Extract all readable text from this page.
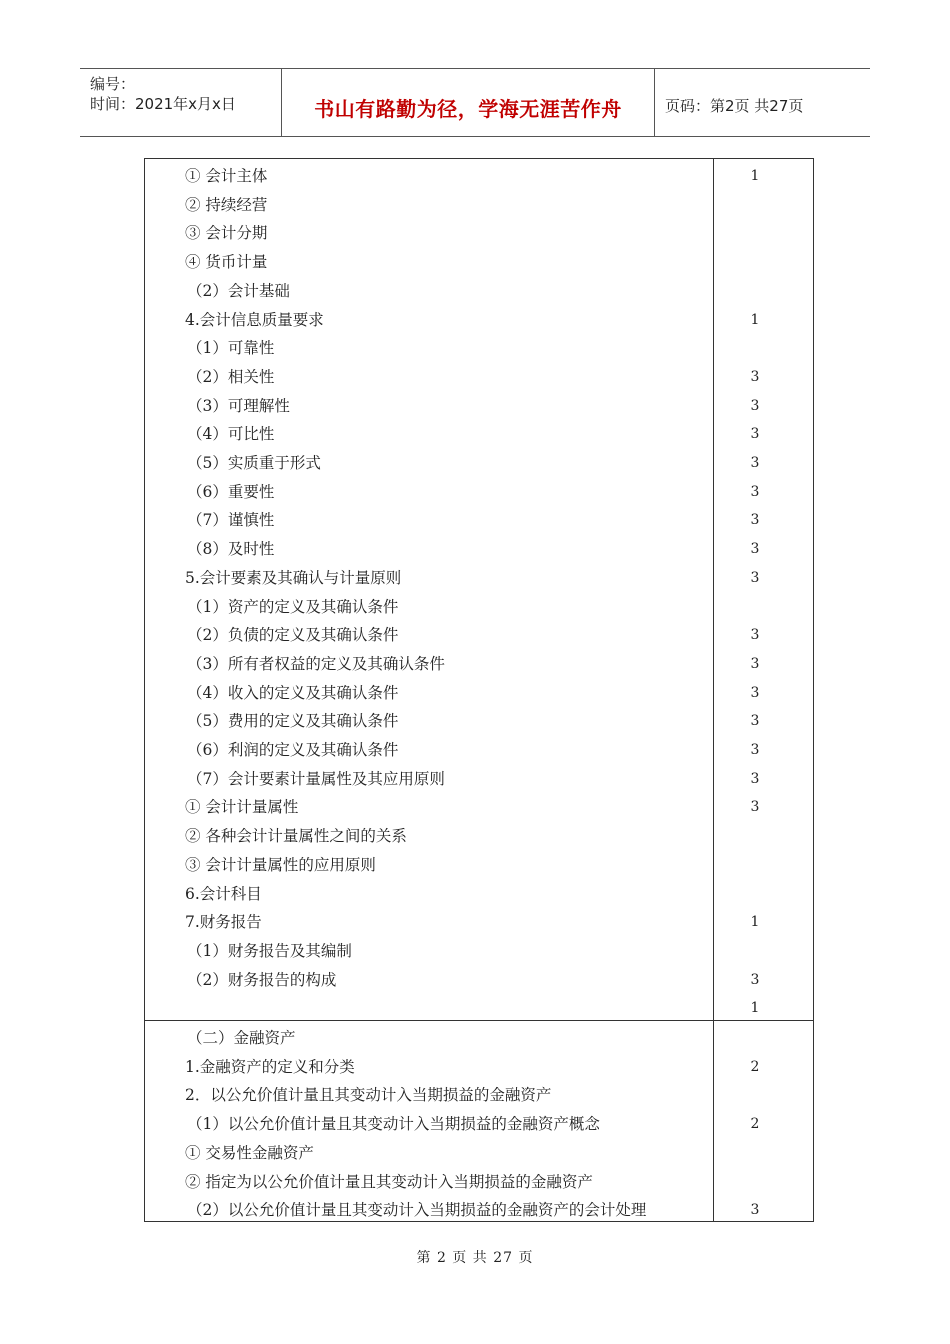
编号：
时间：2021年x月x日	书山有路勤为径，学海无涯苦作舟	页码：第2页 共27页
① 会计主体	1
② 持续经营
③ 会计分期
④ 货币计量
（2）会计基础
4.会计信息质量要求	1
（1）可靠性
（2）相关性	3
（3）可理解性	3
（4）可比性	3
（5）实质重于形式	3
（6）重要性	3
（7）谨慎性	3
（8）及时性	3
5.会计要素及其确认与计量原则	3
（1）资产的定义及其确认条件
（2）负债的定义及其确认条件	3
（3）所有者权益的定义及其确认条件	3
（4）收入的定义及其确认条件	3
（5）费用的定义及其确认条件	3
（6）利润的定义及其确认条件	3
（7）会计要素计量属性及其应用原则	3
① 会计计量属性	3
② 各种会计计量属性之间的关系
③ 会计计量属性的应用原则
6.会计科目
7.财务报告	1
（1）财务报告及其编制
（2）财务报告的构成	3
1
（二）金融资产
1.金融资产的定义和分类	2
2．以公允价值计量且其变动计入当期损益的金融资产
（1）以公允价值计量且其变动计入当期损益的金融资产概念	2
① 交易性金融资产
② 指定为以公允价值计量且其变动计入当期损益的金融资产
（2）以公允价值计量且其变动计入当期损益的金融资产的会计处理	3
第 2 页 共 27 页
